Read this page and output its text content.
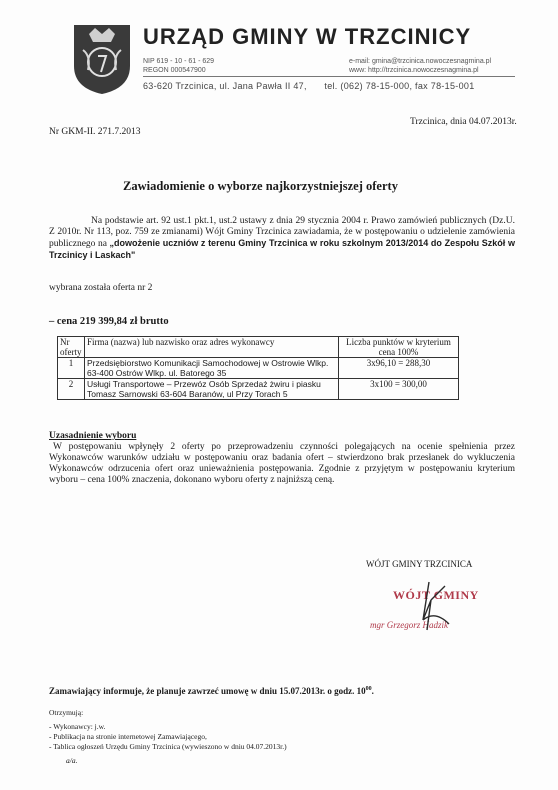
URZĄD GMINY W TRZCINICY
NIP 619 - 10 - 61 - 629
REGON 000547900
e-mail: gmina@trzcinica.nowoczesnagmina.pl
www: http://trzcinica.nowoczesnagmina.pl
63-620 Trzcinica, ul. Jana Pawła II 47, tel. (062) 78-15-000, fax 78-15-001
Trzcinica, dnia 04.07.2013r.
Nr GKM-II. 271.7.2013
Zawiadomienie o wyborze najkorzystniejszej oferty
Na podstawie art. 92 ust.1 pkt.1, ust.2 ustawy z dnia 29 stycznia 2004 r. Prawo zamówień publicznych (Dz.U. Z 2010r. Nr 113, poz. 759 ze zmianami) Wójt Gminy Trzcinica zawiadamia, że w postępowaniu o udzielenie zamówienia publicznego na „dowożenie uczniów z terenu Gminy Trzcinica w roku szkolnym 2013/2014 do Zespołu Szkół w Trzcinicy i Laskach"
wybrana została oferta nr 2
– cena 219 399,84 zł brutto
Nr oferty	Firma (nazwa) lub nazwisko oraz adres wykonawcy	Liczba punktów w kryterium cena 100%
1	Przedsiębiorstwo Komunikacji Samochodowej w Ostrowie Wlkp. 63-400 Ostrów Wlkp. ul. Batorego 35	3x96,10 = 288,30
2	Usługi Transportowe – Przewóz Osób Sprzedaż żwiru i piasku Tomasz Sarnowski 63-604 Baranów, ul Przy Torach 5	3x100 = 300,00
Uzasadnienie wyboru
W postępowaniu wpłynęły 2 oferty po przeprowadzeniu czynności polegających na ocenie spełnienia przez Wykonawców warunków udziału w postępowaniu oraz badania ofert – stwierdzono brak przesłanek do wykluczenia Wykonawców odrzucenia ofert oraz unieważnienia postępowania. Zgodnie z przyjętym w postępowaniu kryterium wyboru – cena 100% znaczenia, dokonano wyboru oferty z najniższą ceną.
WÓJT GMINY TRZCINICA
WÓJT GMINY
mgr Grzegorz Hadzik
Zamawiający informuje, że planuje zawrzeć umowę w dniu 15.07.2013r. o godz. $10^{00}$.
Otrzymują:
- Wykonawcy: j.w.
- Publikacja na stronie internetowej Zamawiającego,
- Tablica ogłoszeń Urzędu Gminy Trzcinica (wywieszono w dniu 04.07.2013r.)
a/a.
